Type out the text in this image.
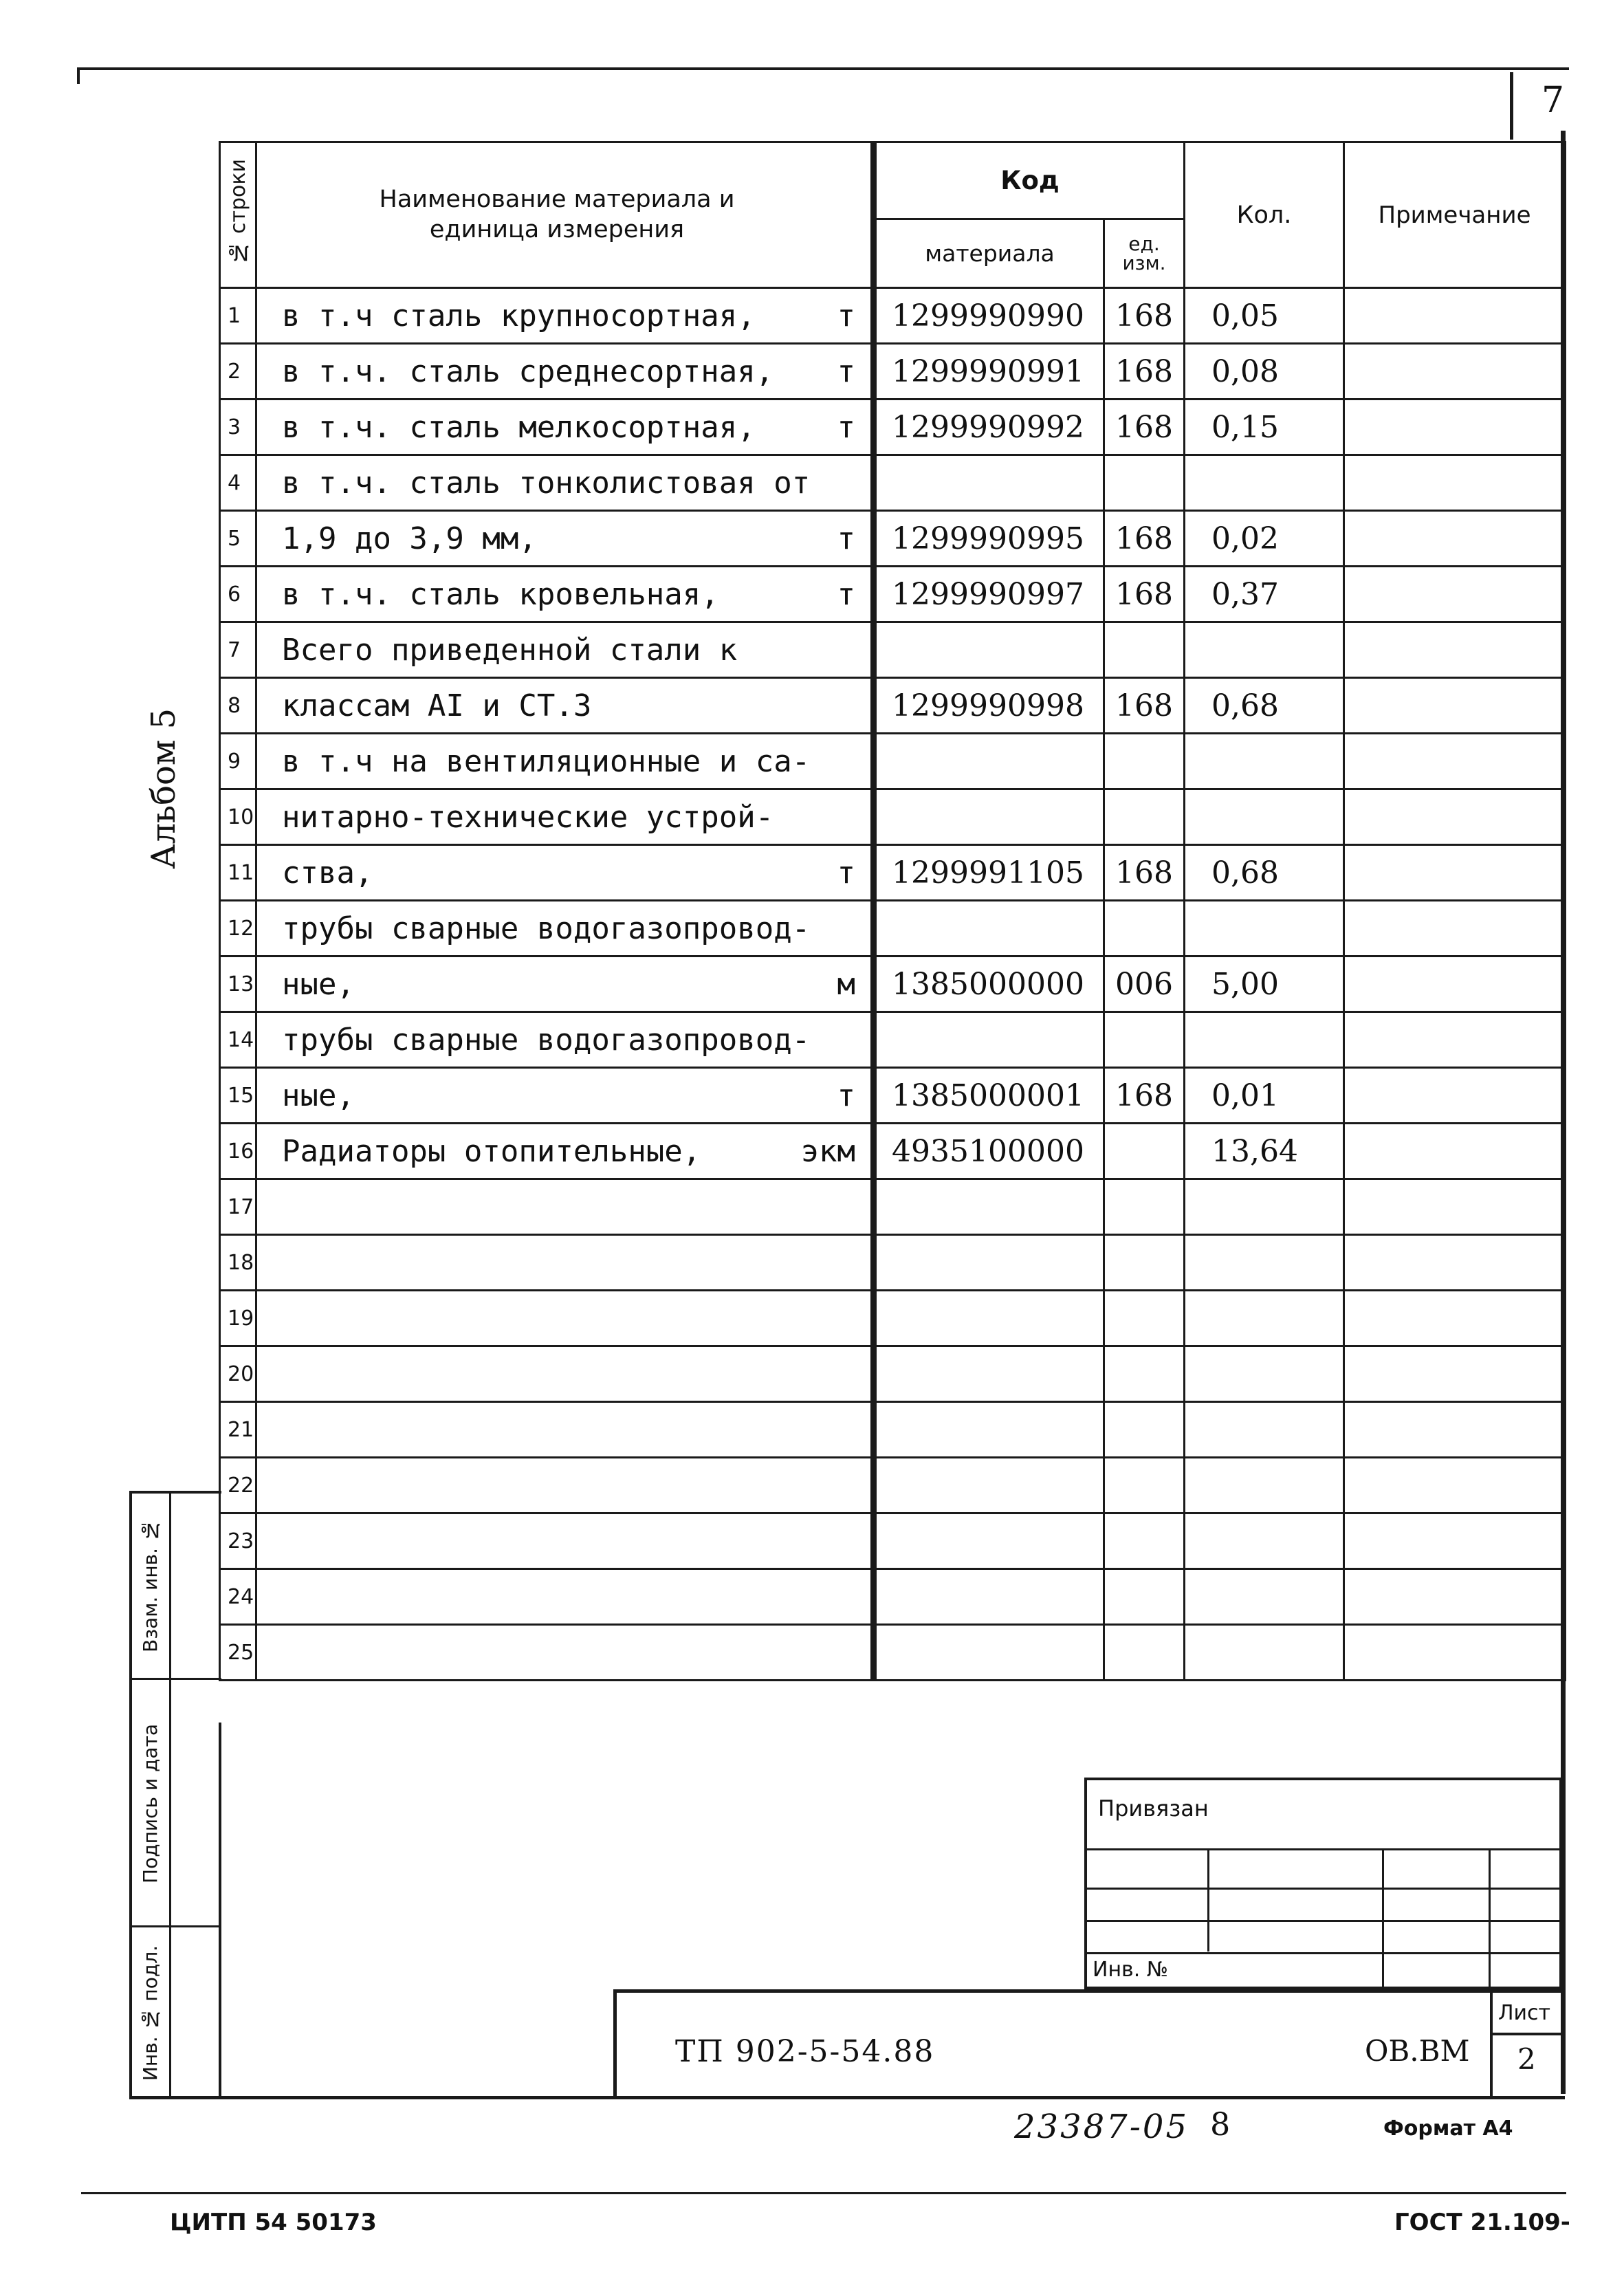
7
Альбом 5
№ строки	Наименование материала и единица измерения	Код		Кол.	Примечание
		материала	ед. изм.		
1	в т.ч сталь крупносортная, т	1299990990	168	0,05	
2	в т.ч. сталь среднесортная, т	1299990991	168	0,08	
3	в т.ч. сталь мелкосортная, т	1299990992	168	0,15	
4	в т.ч. сталь тонколистовая от				

5	1,9 до 3,9 мм, т	1299990995	168	0,02	
6	в т.ч. сталь кровельная, т	1299990997	168	0,37	
7	Всего приведенной стали к				

8	классам АI и СТ.3	1299990998	168	0,68	
9	в т.ч на вентиляционные и са-				

10	нитарно-технические устрой-				

11	ства, т	1299991105	168	0,68	
12	трубы сварные водогазопровод-				

13	ные, м	1385000000	006	5,00	
14	трубы сварные водогазопровод-				

15	ные, т	1385000001	168	0,01	
16	Радиаторы отопительные, экм	4935100000		13,64	
17	

18	

19	

20	

21	

22	

23	

24	

25	

Взам. инв. №
Подпись и дата
Инв. № подл.
Привязан
Инв. №
ТП 902-5-54.88	ОВ.ВМ
Лист
2
23387-05 8	Формат А4
ЦИТП 54 50173	ГОСТ 21.109-
